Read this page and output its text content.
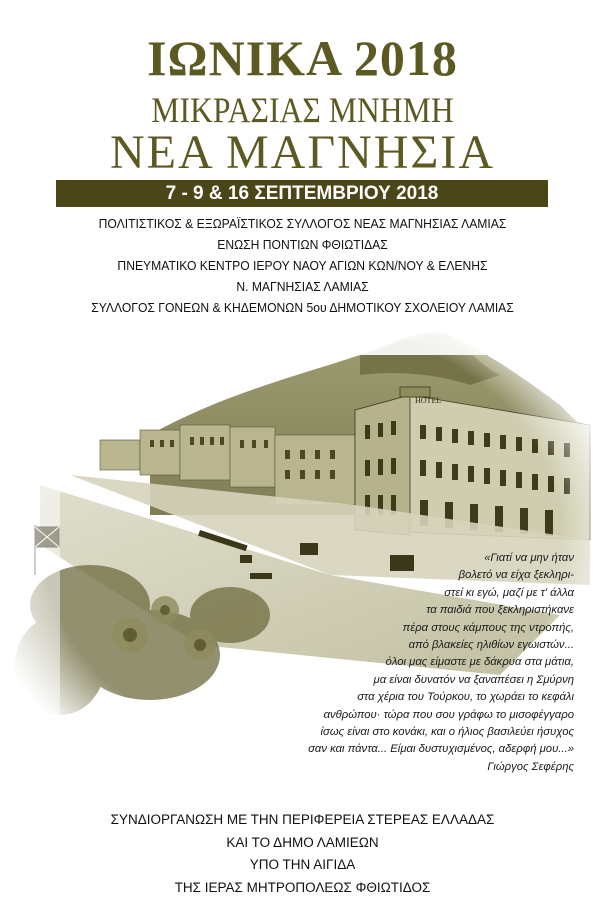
ΙΩΝΙΚΑ 2018
ΜΙΚΡΑΣΙΑΣ ΜΝΗΜΗ
ΝΕΑ ΜΑΓΝΗΣΙΑ
7 - 9 & 16 ΣΕΠΤΕΜΒΡΙΟΥ 2018
ΠΟΛΙΤΙΣΤΙΚΟΣ & ΕΞΩΡΑΪΣΤΙΚΟΣ ΣΥΛΛΟΓΟΣ ΝΕΑΣ ΜΑΓΝΗΣΙΑΣ ΛΑΜΙΑΣ
ΕΝΩΣΗ ΠΟΝΤΙΩΝ ΦΘΙΩΤΙΔΑΣ
ΠΝΕΥΜΑΤΙΚΟ ΚΕΝΤΡΟ ΙΕΡΟΥ ΝΑΟΥ ΑΓΙΩΝ ΚΩΝ/ΝΟΥ & ΕΛΕΝΗΣ
Ν. ΜΑΓΝΗΣΙΑΣ ΛΑΜΙΑΣ
ΣΥΛΛΟΓΟΣ ΓΟΝΕΩΝ & ΚΗΔΕΜΟΝΩΝ 5ου ΔΗΜΟΤΙΚΟΥ ΣΧΟΛΕΙΟΥ ΛΑΜΙΑΣ
«Γιατί να μην ήταν
βολετό να είχα ξεκληρι-
στεί κι εγώ, μαζί με τ' άλλα
τα παιδιά που ξεκληριστήκανε
πέρα στους κάμπους της ντροπής,
από βλακείες ηλιθίων εγωιστών...
όλοι μας είμαστε με δάκρυα στα μάτια,
μα είναι δυνατόν να ξαναπέσει η Σμύρνη
στα χέρια του Τούρκου, το χωράει το κεφάλι
ανθρώπου· τώρα που σου γράφω το μισοφέγγαρο
ίσως είναι στο κονάκι, και ο ήλιος βασιλεύει ήσυχος
σαν και πάντα... Είμαι δυστυχισμένος, αδερφή μου...»
Γιώργος Σεφέρης
ΣΥΝΔΙΟΡΓΑΝΩΣΗ ΜΕ ΤΗΝ ΠΕΡΙΦΕΡΕΙΑ ΣΤΕΡΕΑΣ ΕΛΛΑΔΑΣ
ΚΑΙ ΤΟ ΔΗΜΟ ΛΑΜΙΕΩΝ
ΥΠΟ ΤΗΝ ΑΙΓΙΔΑ
ΤΗΣ ΙΕΡΑΣ ΜΗΤΡΟΠΟΛΕΩΣ ΦΘΙΩΤΙΔΟΣ
